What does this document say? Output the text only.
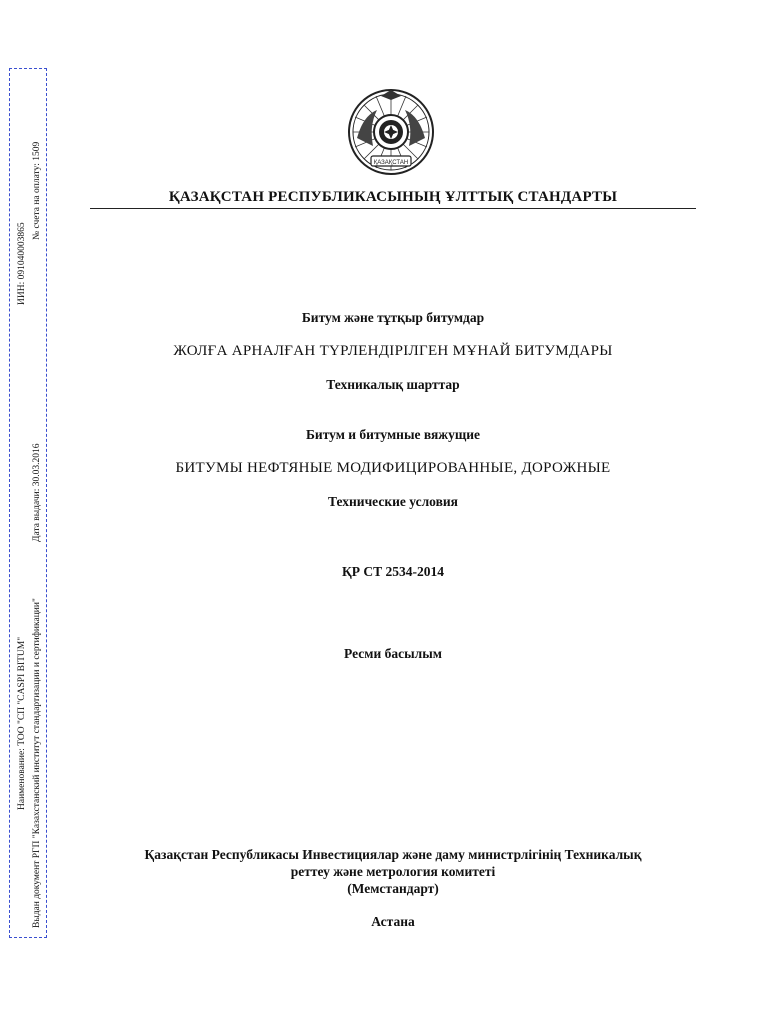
ИИН: 091040003865
№ счета на оплату: 1509
Дата выдачи: 30.03.2016
Наименование: ТОО "СП "CASPI BITUM" Выдан документ РГП "Казахстанский институт стандартизации и сертификации"
ҚАЗАҚСТАН
ҚАЗАҚСТАН РЕСПУБЛИКАСЫНЫҢ ҰЛТТЫҚ СТАНДАРТЫ
Битум және тұтқыр битумдар
ЖОЛҒА АРНАЛҒАН ТҮРЛЕНДІРІЛГЕН МҰНАЙ БИТУМДАРЫ
Техникалық шарттар
Битум и битумные вяжущие
БИТУМЫ НЕФТЯНЫЕ МОДИФИЦИРОВАННЫЕ, ДОРОЖНЫЕ
Технические условия
ҚР СТ 2534-2014
Ресми басылым
Қазақстан Республикасы Инвестициялар және даму министрлігінің Техникалық
реттеу және метрология комитеті
(Мемстандарт)
Астана
